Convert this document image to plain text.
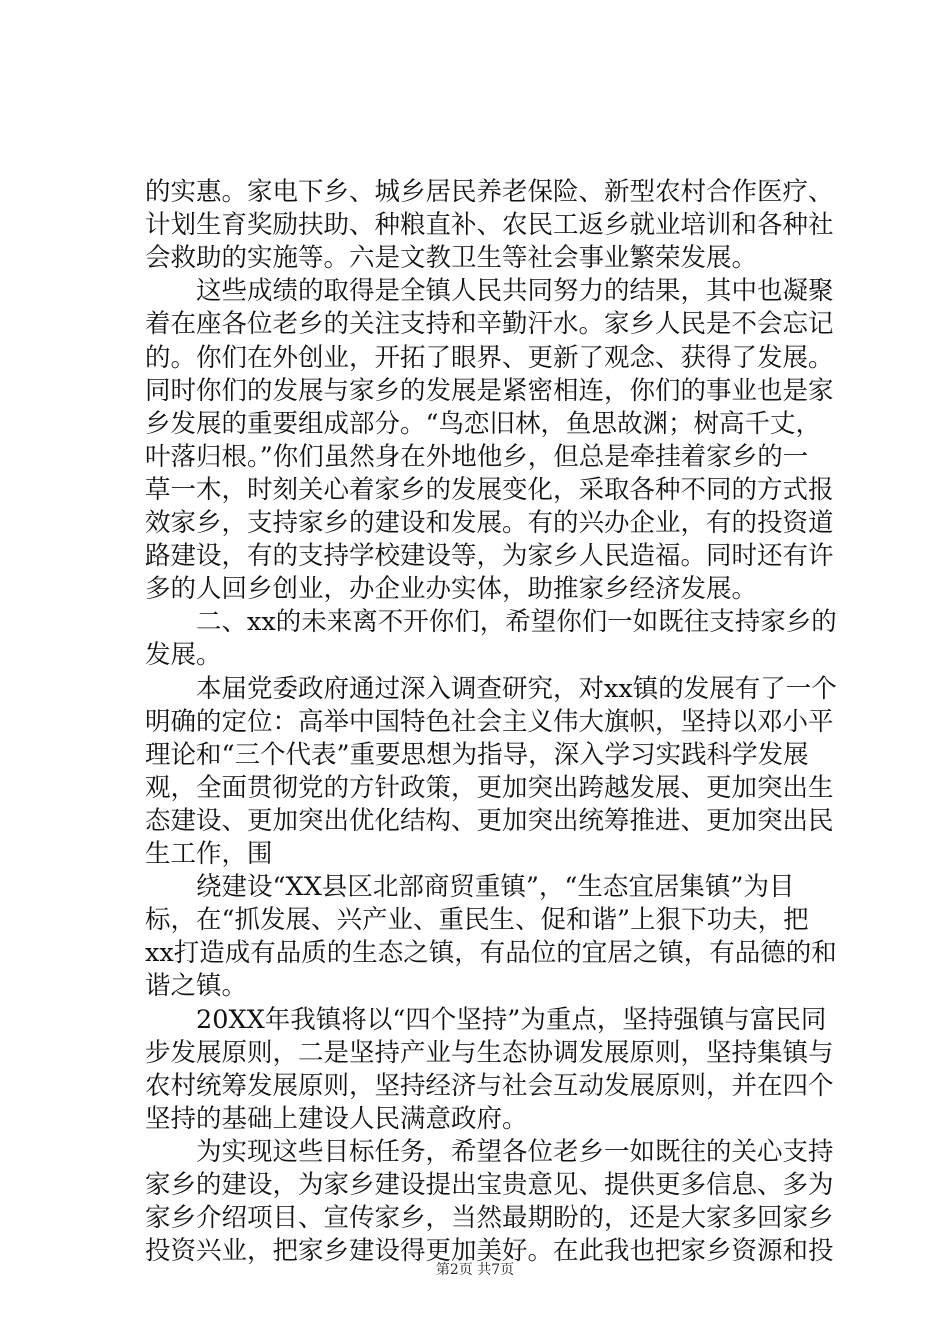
的实惠。家电下乡、城乡居民养老保险、新型农村合作医疗、
计划生育奖励扶助、种粮直补、农民工返乡就业培训和各种社
会救助的实施等。六是文教卫生等社会事业繁荣发展。
　　这些成绩的取得是全镇人民共同努力的结果，其中也凝聚
着在座各位老乡的关注支持和辛勤汗水。家乡人民是不会忘记
的。你们在外创业，开拓了眼界、更新了观念、获得了发展。
同时你们的发展与家乡的发展是紧密相连，你们的事业也是家
乡发展的重要组成部分。“鸟恋旧林，鱼思故渊；树高千丈，
叶落归根。”你们虽然身在外地他乡，但总是牵挂着家乡的一
草一木，时刻关心着家乡的发展变化，采取各种不同的方式报
效家乡，支持家乡的建设和发展。有的兴办企业，有的投资道
路建设，有的支持学校建设等，为家乡人民造福。同时还有许
多的人回乡创业，办企业办实体，助推家乡经济发展。
　　二、xx的未来离不开你们，希望你们一如既往支持家乡的
发展。
　　本届党委政府通过深入调查研究，对xx镇的发展有了一个
明确的定位：高举中国特色社会主义伟大旗帜，坚持以邓小平
理论和“三个代表”重要思想为指导，深入学习实践科学发展
观，全面贯彻党的方针政策，更加突出跨越发展、更加突出生
态建设、更加突出优化结构、更加突出统筹推进、更加突出民
生工作，围
　　绕建设“XX县区北部商贸重镇”，“生态宜居集镇”为目
标，在“抓发展、兴产业、重民生、促和谐”上狠下功夫，把
xx打造成有品质的生态之镇，有品位的宜居之镇，有品德的和
谐之镇。
　　20XX年我镇将以“四个坚持”为重点，坚持强镇与富民同
步发展原则，二是坚持产业与生态协调发展原则，坚持集镇与
农村统筹发展原则，坚持经济与社会互动发展原则，并在四个
坚持的基础上建设人民满意政府。
　　为实现这些目标任务，希望各位老乡一如既往的关心支持
家乡的建设，为家乡建设提出宝贵意见、提供更多信息、多为
家乡介绍项目、宣传家乡，当然最期盼的，还是大家多回家乡
投资兴业，把家乡建设得更加美好。在此我也把家乡资源和投
第2页 共7页
